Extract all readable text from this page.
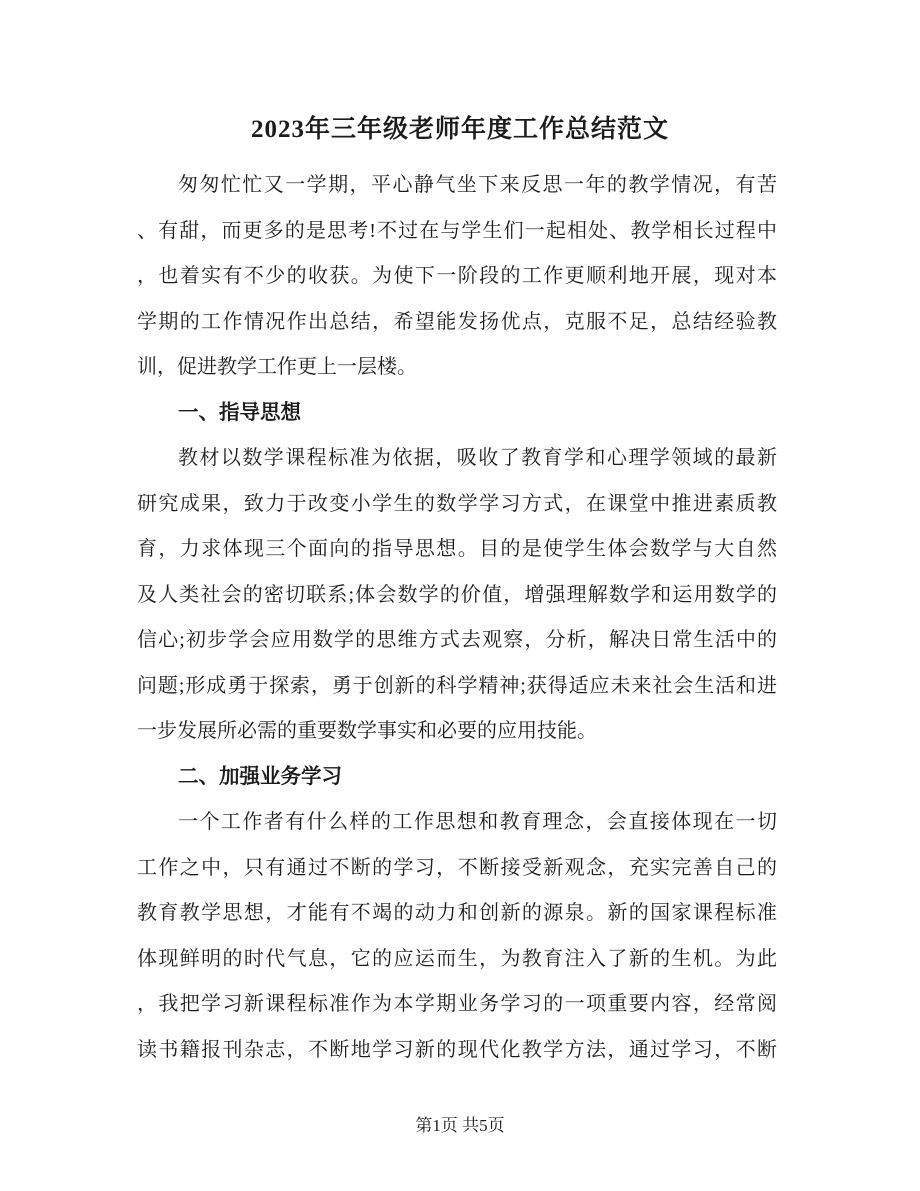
2023年三年级老师年度工作总结范文
匆匆忙忙又一学期，平心静气坐下来反思一年的教学情况，有苦
、有甜，而更多的是思考!不过在与学生们一起相处、教学相长过程中
，也着实有不少的收获。为使下一阶段的工作更顺利地开展，现对本
学期的工作情况作出总结，希望能发扬优点，克服不足，总结经验教
训，促进教学工作更上一层楼。
一、指导思想
教材以数学课程标准为依据，吸收了教育学和心理学领域的最新
研究成果，致力于改变小学生的数学学习方式，在课堂中推进素质教
育，力求体现三个面向的指导思想。目的是使学生体会数学与大自然
及人类社会的密切联系;体会数学的价值，增强理解数学和运用数学的
信心;初步学会应用数学的思维方式去观察，分析，解决日常生活中的
问题;形成勇于探索，勇于创新的科学精神;获得适应未来社会生活和进
一步发展所必需的重要数学事实和必要的应用技能。
二、加强业务学习
一个工作者有什么样的工作思想和教育理念，会直接体现在一切
工作之中，只有通过不断的学习，不断接受新观念，充实完善自己的
教育教学思想，才能有不竭的动力和创新的源泉。新的国家课程标准
体现鲜明的时代气息，它的应运而生，为教育注入了新的生机。为此
，我把学习新课程标准作为本学期业务学习的一项重要内容，经常阅
读书籍报刊杂志，不断地学习新的现代化教学方法，通过学习，不断
第1页 共5页
